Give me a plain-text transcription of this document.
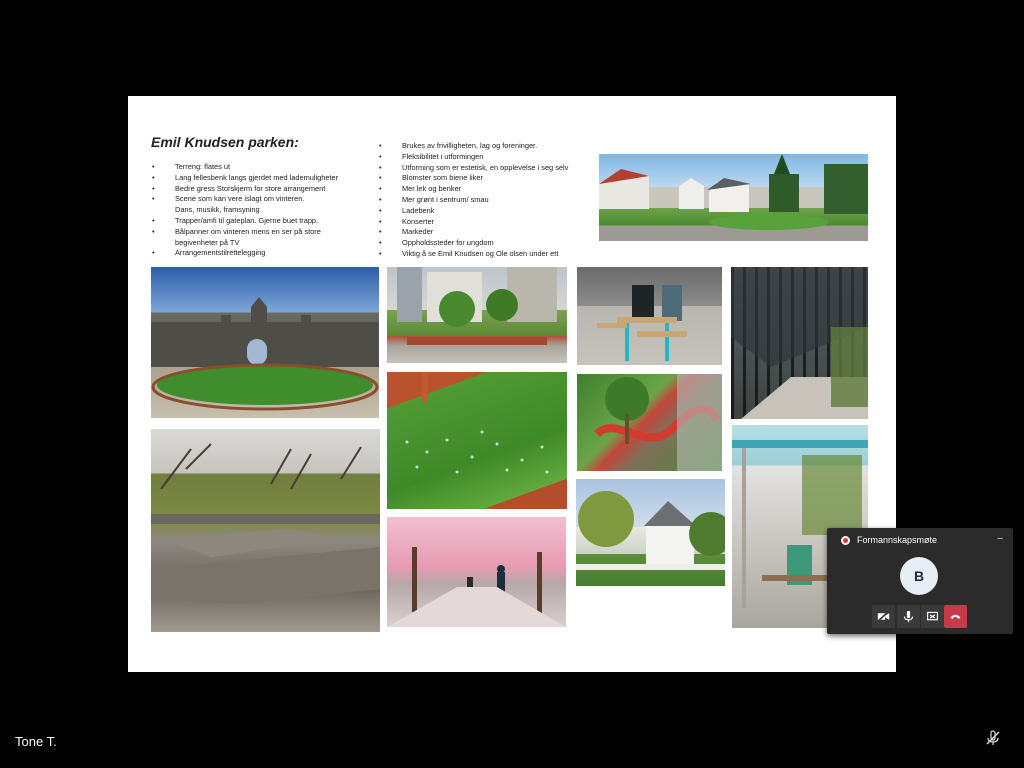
Emil Knudsen parken:
• Terreng: flates ut
• Lang fellesbenk langs gjerdet med lademuligheter
• Bedre gress Storskjerm for store arrangement
• Scene som kan vere islagt om vinteren.
Dans, musikk, framsyning
• Trapper/amfi til gateplan. Gjerne buet trapp.
• Bålpanner om vinteren mens en ser på store
begivenheter på TV
• Arrangementstilrettelegging
• Brukes av frivilligheten, lag og foreninger.
• Fleksibilitet i utformingen
• Utforming som er estetisk, en opplevelse i seg selv
• Blomster som biene liker
• Mer lek og benker
• Mer grønt i sentrum/ smau
• Ladebenk
• Konserter
• Markeder
• Oppholdssteder for ungdom
• Viktig å se Emil Knudsen og Ole olsen under ett
Formannskapsmøte	–
B
Tone T.
